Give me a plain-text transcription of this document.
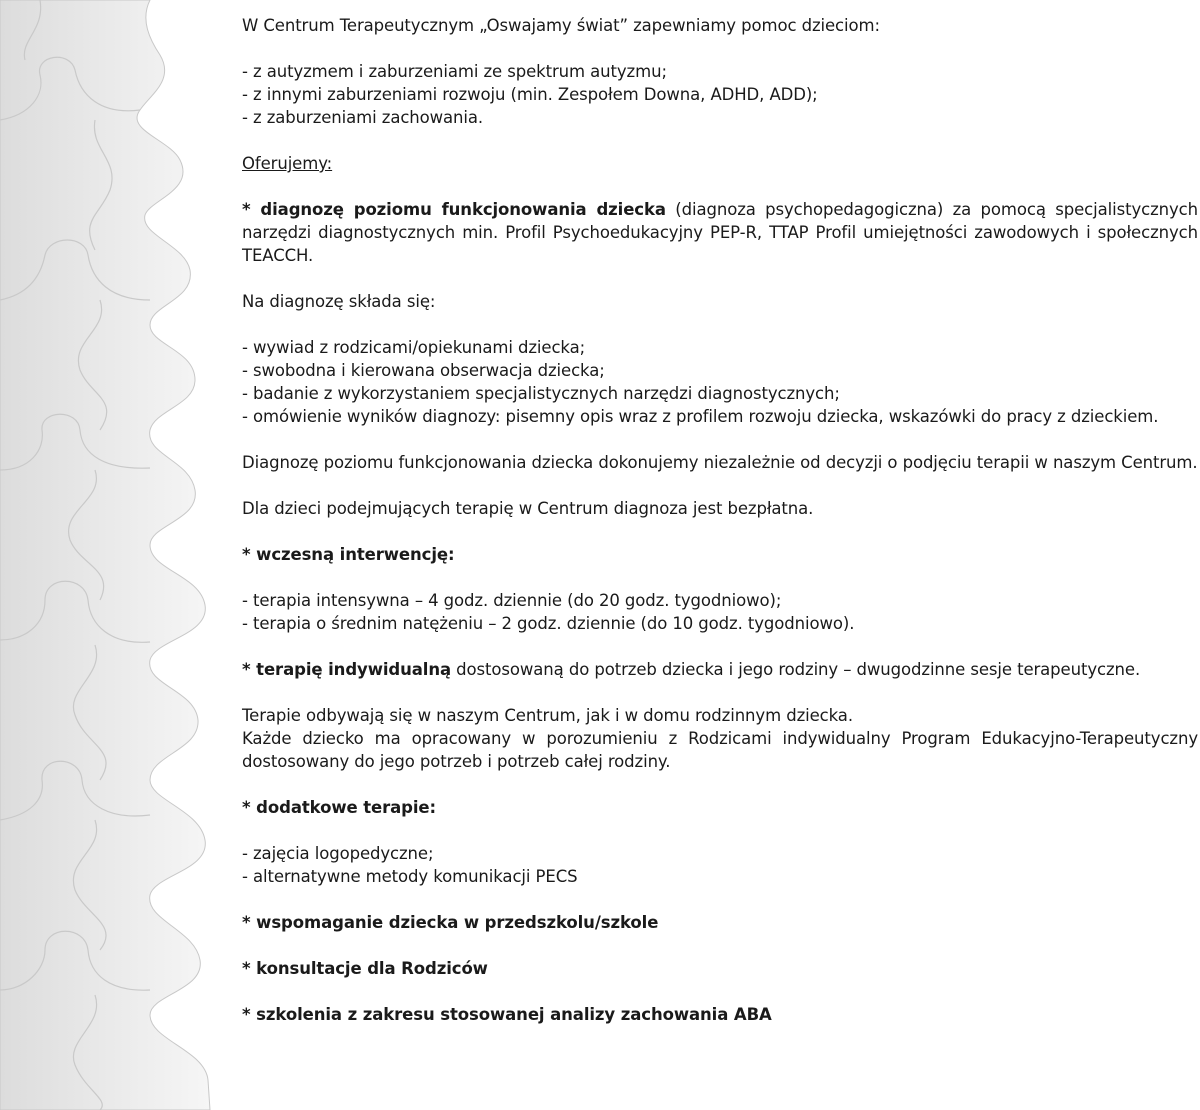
W Centrum Terapeutycznym „Oswajamy świat” zapewniamy pomoc dzieciom:

- z autyzmem i zaburzeniami ze spektrum autyzmu;
- z innymi zaburzeniami rozwoju (min. Zespołem Downa, ADHD, ADD);
- z zaburzeniami zachowania.

Oferujemy:

* diagnozę poziomu funkcjonowania dziecka (diagnoza psychopedagogiczna) za pomocą specjalistycznych narzędzi diagnostycznych min. Profil Psychoedukacyjny PEP-R, TTAP Profil umiejętności zawodowych i społecznych TEACCH.

Na diagnozę składa się:

- wywiad z rodzicami/opiekunami dziecka;
- swobodna i kierowana obserwacja dziecka;
- badanie z wykorzystaniem specjalistycznych narzędzi diagnostycznych;
- omówienie wyników diagnozy: pisemny opis wraz z profilem rozwoju dziecka, wskazówki do pracy z dzieckiem.

Diagnozę poziomu funkcjonowania dziecka dokonujemy niezależnie od decyzji o podjęciu terapii w naszym Centrum.

Dla dzieci podejmujących terapię w Centrum diagnoza jest bezpłatna.

* wczesną interwencję:

- terapia intensywna – 4 godz. dziennie (do 20 godz. tygodniowo);
- terapia o średnim natężeniu – 2 godz. dziennie (do 10 godz. tygodniowo).

* terapię indywidualną dostosowaną do potrzeb dziecka i jego rodziny – dwugodzinne sesje terapeutyczne.

Terapie odbywają się w naszym Centrum, jak i w domu rodzinnym dziecka.
Każde dziecko ma opracowany w porozumieniu z Rodzicami indywidualny Program Edukacyjno-Terapeutyczny dostosowany do jego potrzeb i potrzeb całej rodziny.

* dodatkowe terapie:

- zajęcia logopedyczne;
- alternatywne metody komunikacji PECS

* wspomaganie dziecka w przedszkolu/szkole

* konsultacje dla Rodziców

* szkolenia z zakresu stosowanej analizy zachowania ABA
